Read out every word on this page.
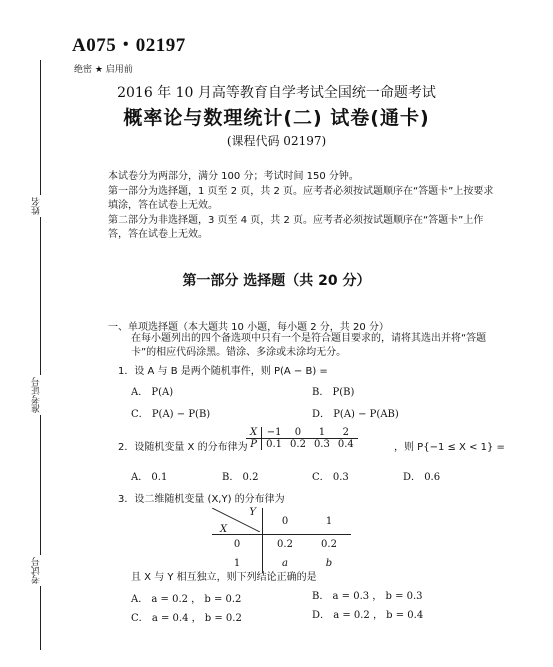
姓名
准考证号
考试号
A075・02197
绝密 ★ 启用前
2016 年 10 月高等教育自学考试全国统一命题考试
概率论与数理统计(二) 试卷(通卡)
(课程代码 02197)
本试卷分为两部分，满分 100 分；考试时间 150 分钟。
第一部分为选择题，1 页至 2 页，共 2 页。应考者必须按试题顺序在“答题卡”上按要求填涂，答在试卷上无效。
第二部分为非选择题，3 页至 4 页，共 2 页。应考者必须按试题顺序在“答题卡”上作答，答在试卷上无效。
第一部分 选择题（共 20 分）
一、单项选择题（本大题共 10 小题，每小题 2 分，共 20 分）
在每小题列出的四个备选项中只有一个是符合题目要求的，请将其选出并将“答题卡”的相应代码涂黑。错涂、多涂或未涂均无分。
1．设 A 与 B 是两个随机事件，则 P(A − B) =
A． P(A)	B． P(B)
C． P(A) − P(B)	D． P(A) − P(AB)
2．设随机变量 X 的分布律为
X	−1	0	1	2
P	0.1	0.2	0.3	0.4	，则 P{−1 ≤ X < 1} =
A． 0.1	B． 0.2	C． 0.3	D． 0.6
3．设二维随机变量 (X,Y) 的分布律为
Y
X	0	1
0	0.2	0.2
1	a	b
且 X 与 Y 相互独立，则下列结论正确的是
A． a = 0.2 ， b = 0.2	B． a = 0.3 ， b = 0.3
C． a = 0.4 ， b = 0.2	D． a = 0.2 ， b = 0.4
